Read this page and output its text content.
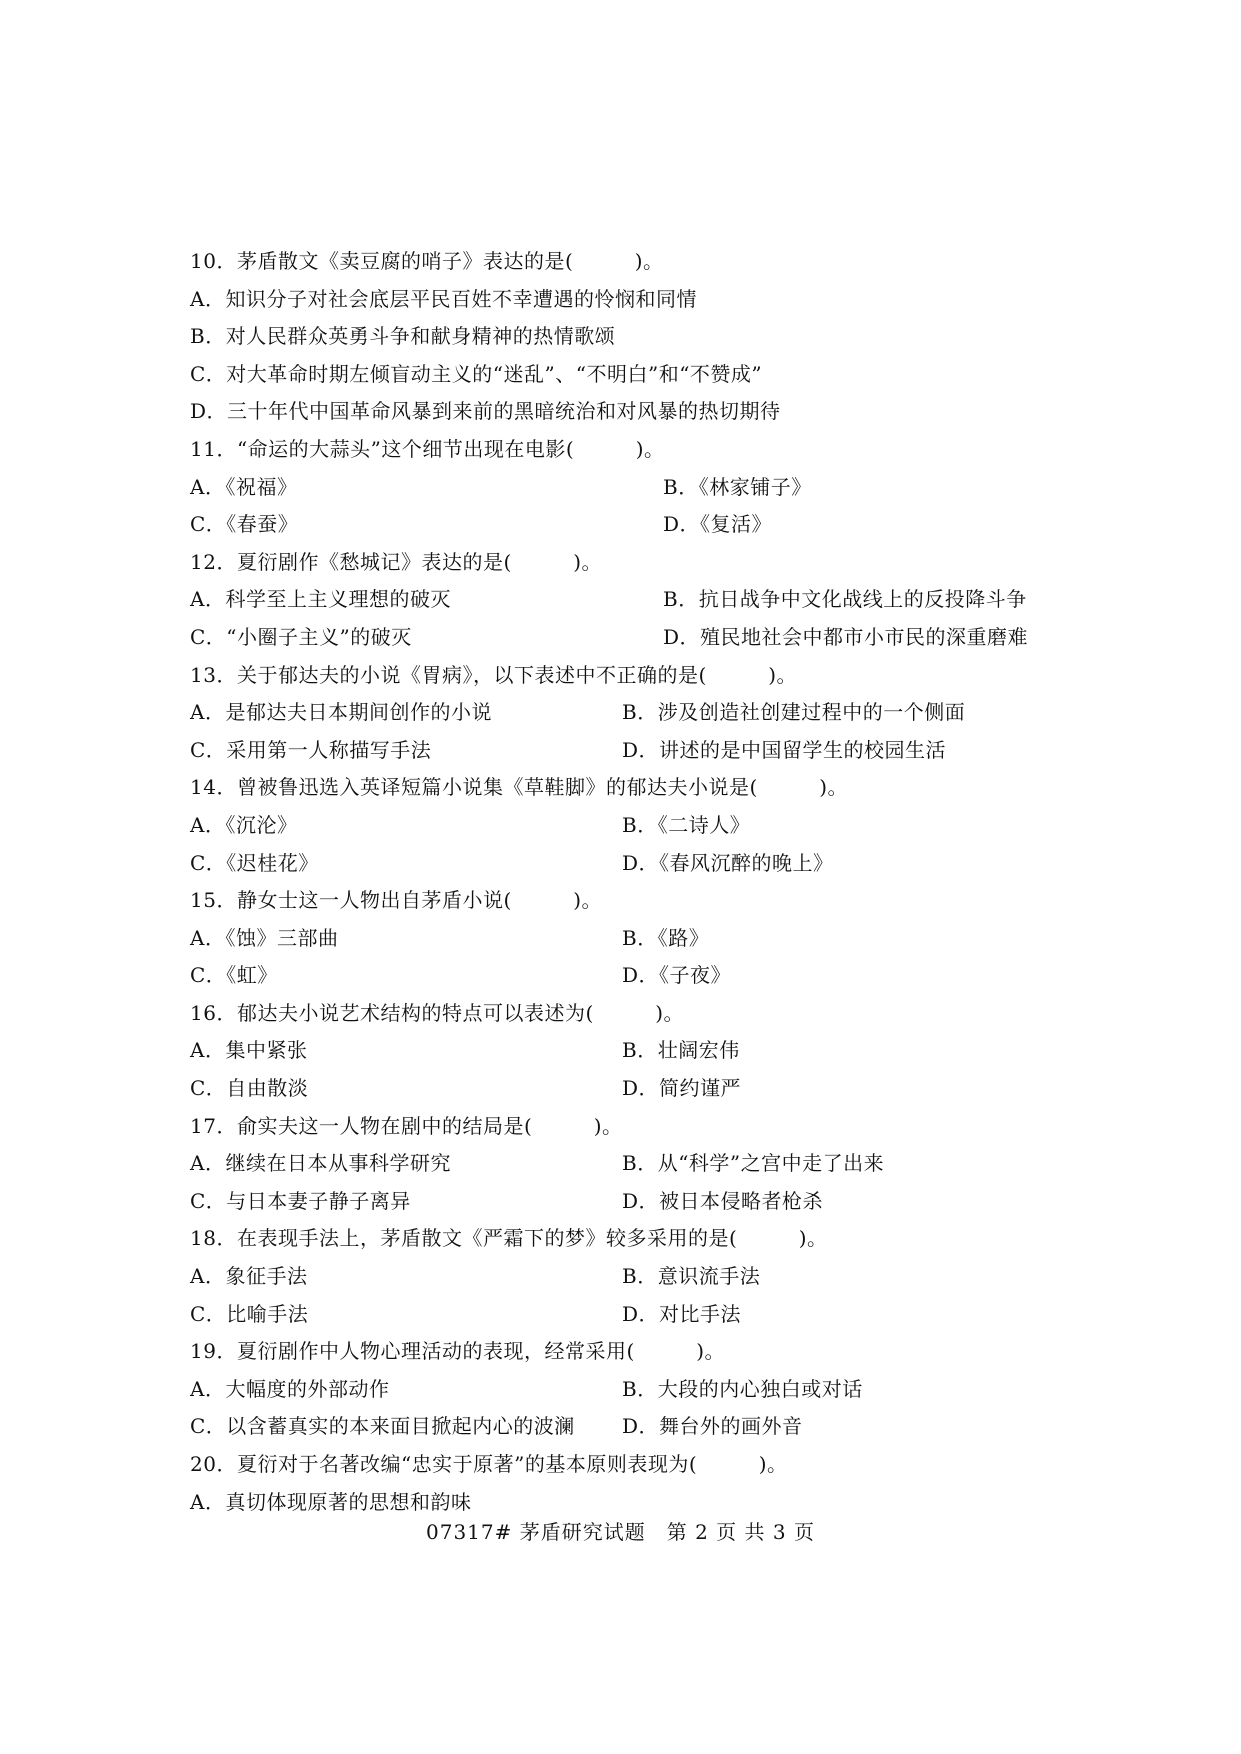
10．茅盾散文《卖豆腐的哨子》表达的是(　　　)。
A．知识分子对社会底层平民百姓不幸遭遇的怜悯和同情
B．对人民群众英勇斗争和献身精神的热情歌颂
C．对大革命时期左倾盲动主义的“迷乱”、“不明白”和“不赞成”
D．三十年代中国革命风暴到来前的黑暗统治和对风暴的热切期待
11．“命运的大蒜头”这个细节出现在电影(　　　)。
A．《祝福》	B．《林家铺子》
C．《春蚕》	D．《复活》
12．夏衍剧作《愁城记》表达的是(　　　)。
A．科学至上主义理想的破灭	B．抗日战争中文化战线上的反投降斗争
C．“小圈子主义”的破灭	D．殖民地社会中都市小市民的深重磨难
13．关于郁达夫的小说《胃病》，以下表述中不正确的是(　　　)。
A．是郁达夫日本期间创作的小说	B．涉及创造社创建过程中的一个侧面
C．采用第一人称描写手法	D．讲述的是中国留学生的校园生活
14．曾被鲁迅选入英译短篇小说集《草鞋脚》的郁达夫小说是(　　　)。
A．《沉沦》	B．《二诗人》
C．《迟桂花》	D．《春风沉醉的晚上》
15．静女士这一人物出自茅盾小说(　　　)。
A．《蚀》三部曲	B．《路》
C．《虹》	D．《子夜》
16．郁达夫小说艺术结构的特点可以表述为(　　　)。
A．集中紧张	B．壮阔宏伟
C．自由散淡	D．简约谨严
17．俞实夫这一人物在剧中的结局是(　　　)。
A．继续在日本从事科学研究	B．从“科学”之宫中走了出来
C．与日本妻子静子离异	D．被日本侵略者枪杀
18．在表现手法上，茅盾散文《严霜下的梦》较多采用的是(　　　)。
A．象征手法	B．意识流手法
C．比喻手法	D．对比手法
19．夏衍剧作中人物心理活动的表现，经常采用(　　　)。
A．大幅度的外部动作	B．大段的内心独白或对话
C．以含蓄真实的本来面目掀起内心的波澜 D．舞台外的画外音
20．夏衍对于名著改编“忠实于原著”的基本原则表现为(　　　)。
A．真切体现原著的思想和韵味
07317# 茅盾研究试题　第 2 页 共 3 页
